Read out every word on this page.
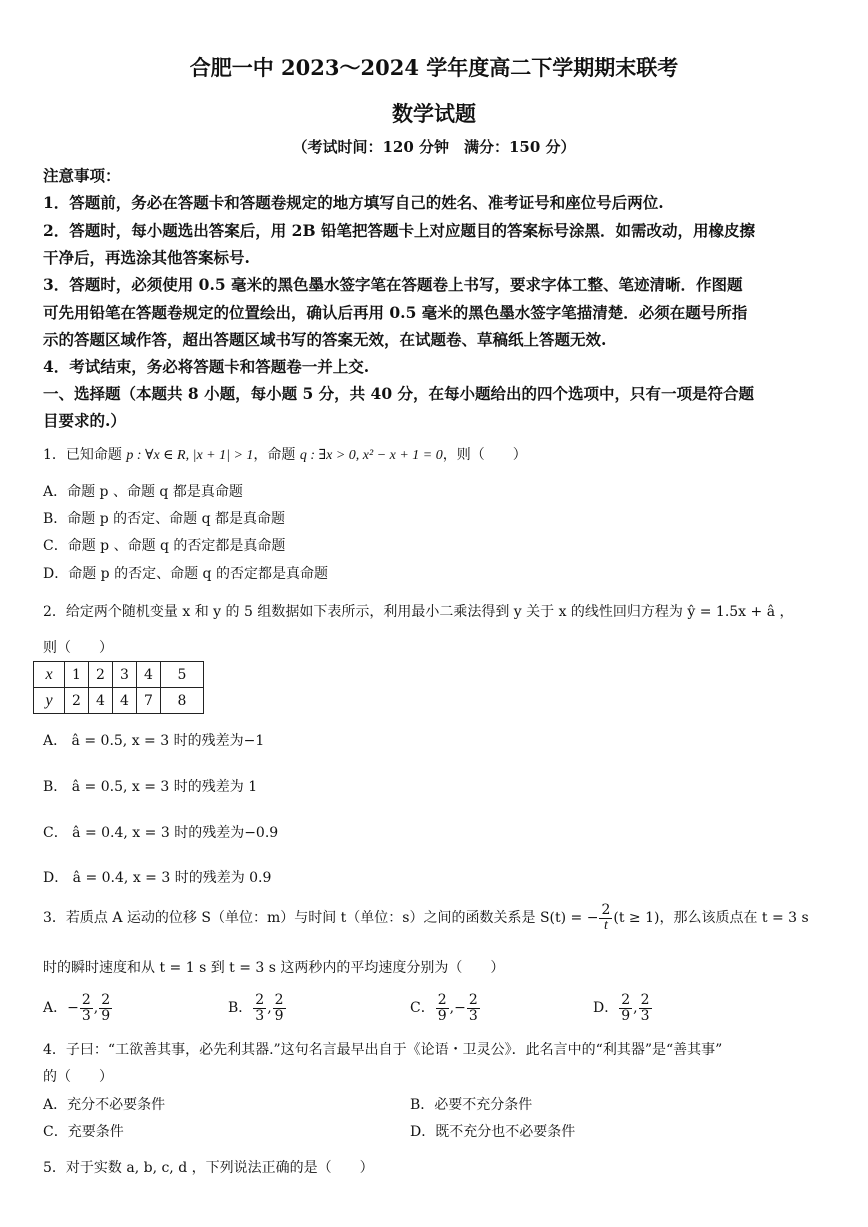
合肥一中 2023～2024 学年度高二下学期期末联考
数学试题
（考试时间：120 分钟　满分：150 分）
注意事项：
1．答题前，务必在答题卡和答题卷规定的地方填写自己的姓名、准考证号和座位号后两位.
2．答题时，每小题选出答案后，用 2B 铅笔把答题卡上对应题目的答案标号涂黑．如需改动，用橡皮擦
干净后，再选涂其他答案标号.
3．答题时，必须使用 0.5 毫米的黑色墨水签字笔在答题卷上书写，要求字体工整、笔迹清晰．作图题
可先用铅笔在答题卷规定的位置绘出，确认后再用 0.5 毫米的黑色墨水签字笔描清楚．必须在题号所指
示的答题区域作答，超出答题区域书写的答案无效，在试题卷、草稿纸上答题无效.
4．考试结束，务必将答题卡和答题卷一并上交.
一、选择题（本题共 8 小题，每小题 5 分，共 40 分，在每小题给出的四个选项中，只有一项是符合题
目要求的.）
1．已知命题 p : ∀x ∈ R, |x + 1| > 1，命题 q : ∃x > 0, x² − x + 1 = 0，则（　　）
A．命题 p 、命题 q 都是真命题
B．命题 p 的否定、命题 q 都是真命题
C．命题 p 、命题 q 的否定都是真命题
D．命题 p 的否定、命题 q 的否定都是真命题
2．给定两个随机变量 x 和 y 的 5 组数据如下表所示，利用最小二乘法得到 y 关于 x 的线性回归方程为 ŷ = 1.5x + â ，
则（　　）
x	1	2	3	4	5
y	2	4	4	7	8
A． â = 0.5, x = 3 时的残差为−1
B． â = 0.5, x = 3 时的残差为 1
C． â = 0.4, x = 3 时的残差为−0.9
D． â = 0.4, x = 3 时的残差为 0.9
3．若质点 A 运动的位移 S（单位：m）与时间 t（单位：s）之间的函数关系是 S(t) = − $\frac{2}{t} (t \ge 1)$，那么该质点在 t = 3 s
时的瞬时速度和从 t = 1 s 到 t = 3 s 这两秒内的平均速度分别为（　　）
A．− $\frac{2}{3}$ , $\frac{2}{9}$	B． $\frac{2}{3}$ , $\frac{2}{9}$	C． $\frac{2}{9}$ ,− $\frac{2}{3}$	D． $\frac{2}{9}$ , $\frac{2}{3}$
4．子曰：“工欲善其事，必先利其器.”这句名言最早出自于《论语・卫灵公》．此名言中的“利其器”是“善其事”
的（　　）
A．充分不必要条件	B．必要不充分条件
C．充要条件	D．既不充分也不必要条件
5．对于实数 a, b, c, d ，下列说法正确的是（　　）
